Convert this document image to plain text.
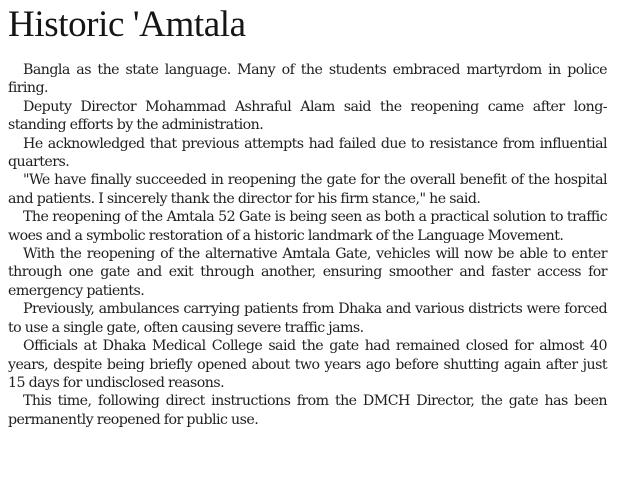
Historic 'Amtala

Bangla as the state language. Many of the students embraced martyrdom in police firing.

Deputy Director Mohammad Ashraful Alam said the reopening came after long-standing efforts by the administration.

He acknowledged that previous attempts had failed due to resistance from influential quarters.

"We have finally succeeded in reopening the gate for the overall benefit of the hospital and patients. I sincerely thank the director for his firm stance," he said.

The reopening of the Amtala 52 Gate is being seen as both a practical solution to traffic woes and a symbolic restoration of a historic landmark of the Language Movement.

With the reopening of the alternative Amtala Gate, vehicles will now be able to enter through one gate and exit through another, ensuring smoother and faster access for emergency patients.

Previously, ambulances carrying patients from Dhaka and various districts were forced to use a single gate, often causing severe traffic jams.

Officials at Dhaka Medical College said the gate had remained closed for almost 40 years, despite being briefly opened about two years ago before shutting again after just 15 days for undisclosed reasons.

This time, following direct instructions from the DMCH Director, the gate has been permanently reopened for public use.
